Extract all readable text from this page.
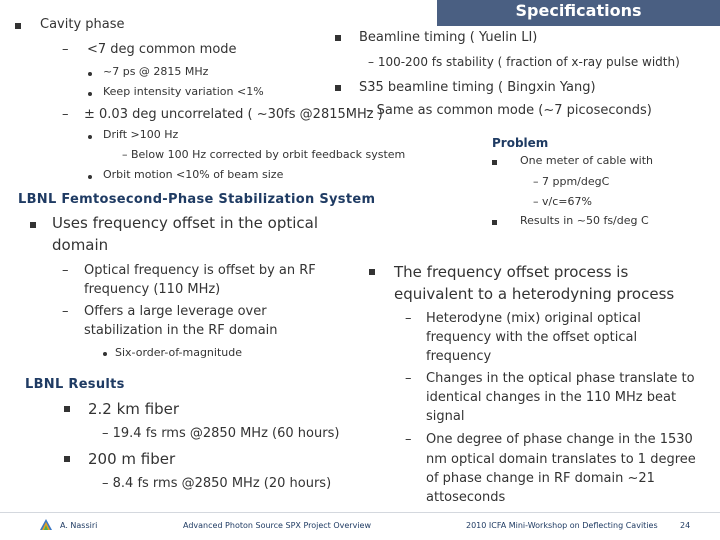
Specifications
Cavity phase
– <7 deg common mode
~7 ps @ 2815 MHz
Keep intensity variation <1%
– ± 0.03 deg uncorrelated ( ~30fs @2815MHz )
Drift >100 Hz
– Below 100 Hz corrected by orbit feedback system
Orbit motion <10% of beam size
Beamline timing ( Yuelin LI)
– 100-200 fs stability ( fraction of x-ray pulse width)
S35 beamline timing ( Bingxin Yang)
– Same as common mode (~7 picoseconds)
Problem
One meter of cable with
– 7 ppm/degC
– v/c=67%
Results in ~50 fs/deg C
LBNL Femtosecond-Phase Stabilization System
Uses frequency offset in the optical
domain
– Optical frequency is offset by an RF
frequency (110 MHz)
– Offers a large leverage over
stabilization in the RF domain
Six-order-of-magnitude
LBNL Results
2.2 km fiber
– 19.4 fs rms @2850 MHz (60 hours)
200 m fiber
– 8.4 fs rms @2850 MHz (20 hours)
The frequency offset process is
equivalent to a heterodyning process
– Heterodyne (mix) original optical
frequency with the offset optical
frequency
– Changes in the optical phase translate to
identical changes in the 110 MHz beat
signal
– One degree of phase change in the 1530
nm optical domain translates to 1 degree
of phase change in RF domain ~21
attoseconds
A. Nassiri	Advanced Photon Source SPX Project Overview	2010 ICFA Mini-Workshop on Deflecting Cavities	24
